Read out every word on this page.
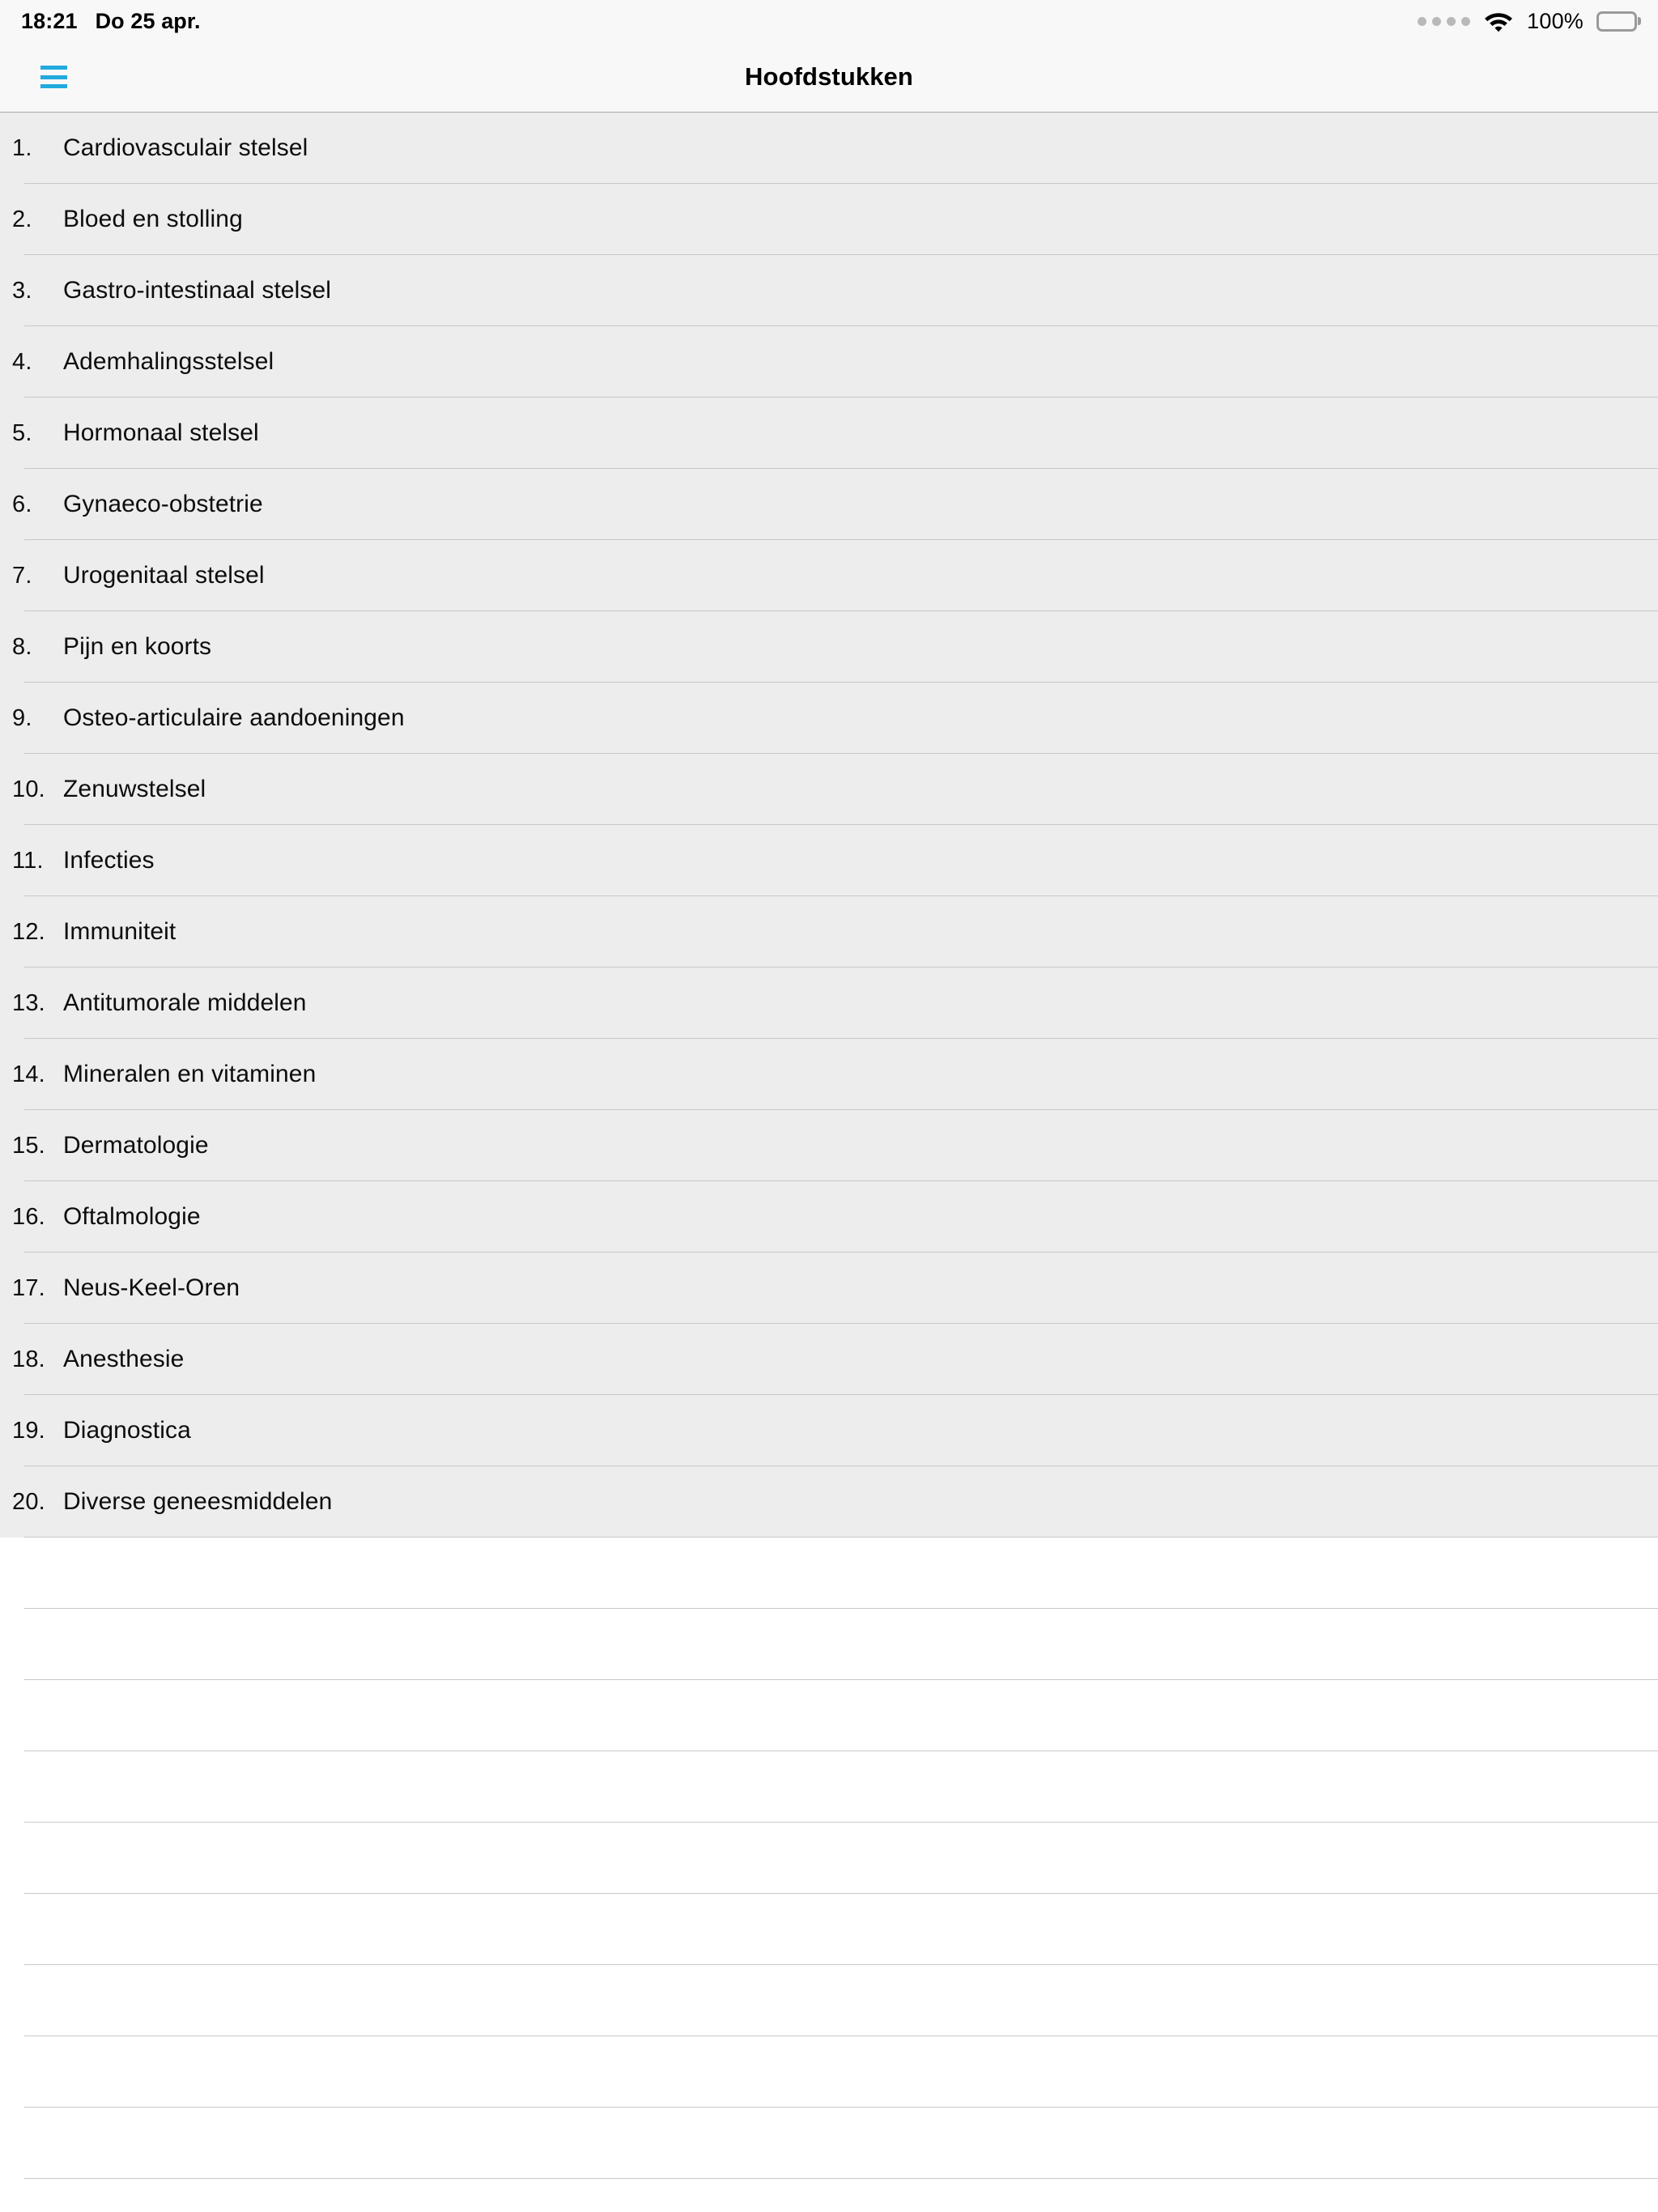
18:21 Do 25 apr.	100%
Hoofdstukken
1.	Cardiovasculair stelsel
2.	Bloed en stolling
3.	Gastro-intestinaal stelsel
4.	Ademhalingsstelsel
5.	Hormonaal stelsel
6.	Gynaeco-obstetrie
7.	Urogenitaal stelsel
8.	Pijn en koorts
9.	Osteo-articulaire aandoeningen
10. Zenuwstelsel
11. Infecties
12. Immuniteit
13. Antitumorale middelen
14. Mineralen en vitaminen
15. Dermatologie
16. Oftalmologie
17. Neus-Keel-Oren
18. Anesthesie
19. Diagnostica
20. Diverse geneesmiddelen
